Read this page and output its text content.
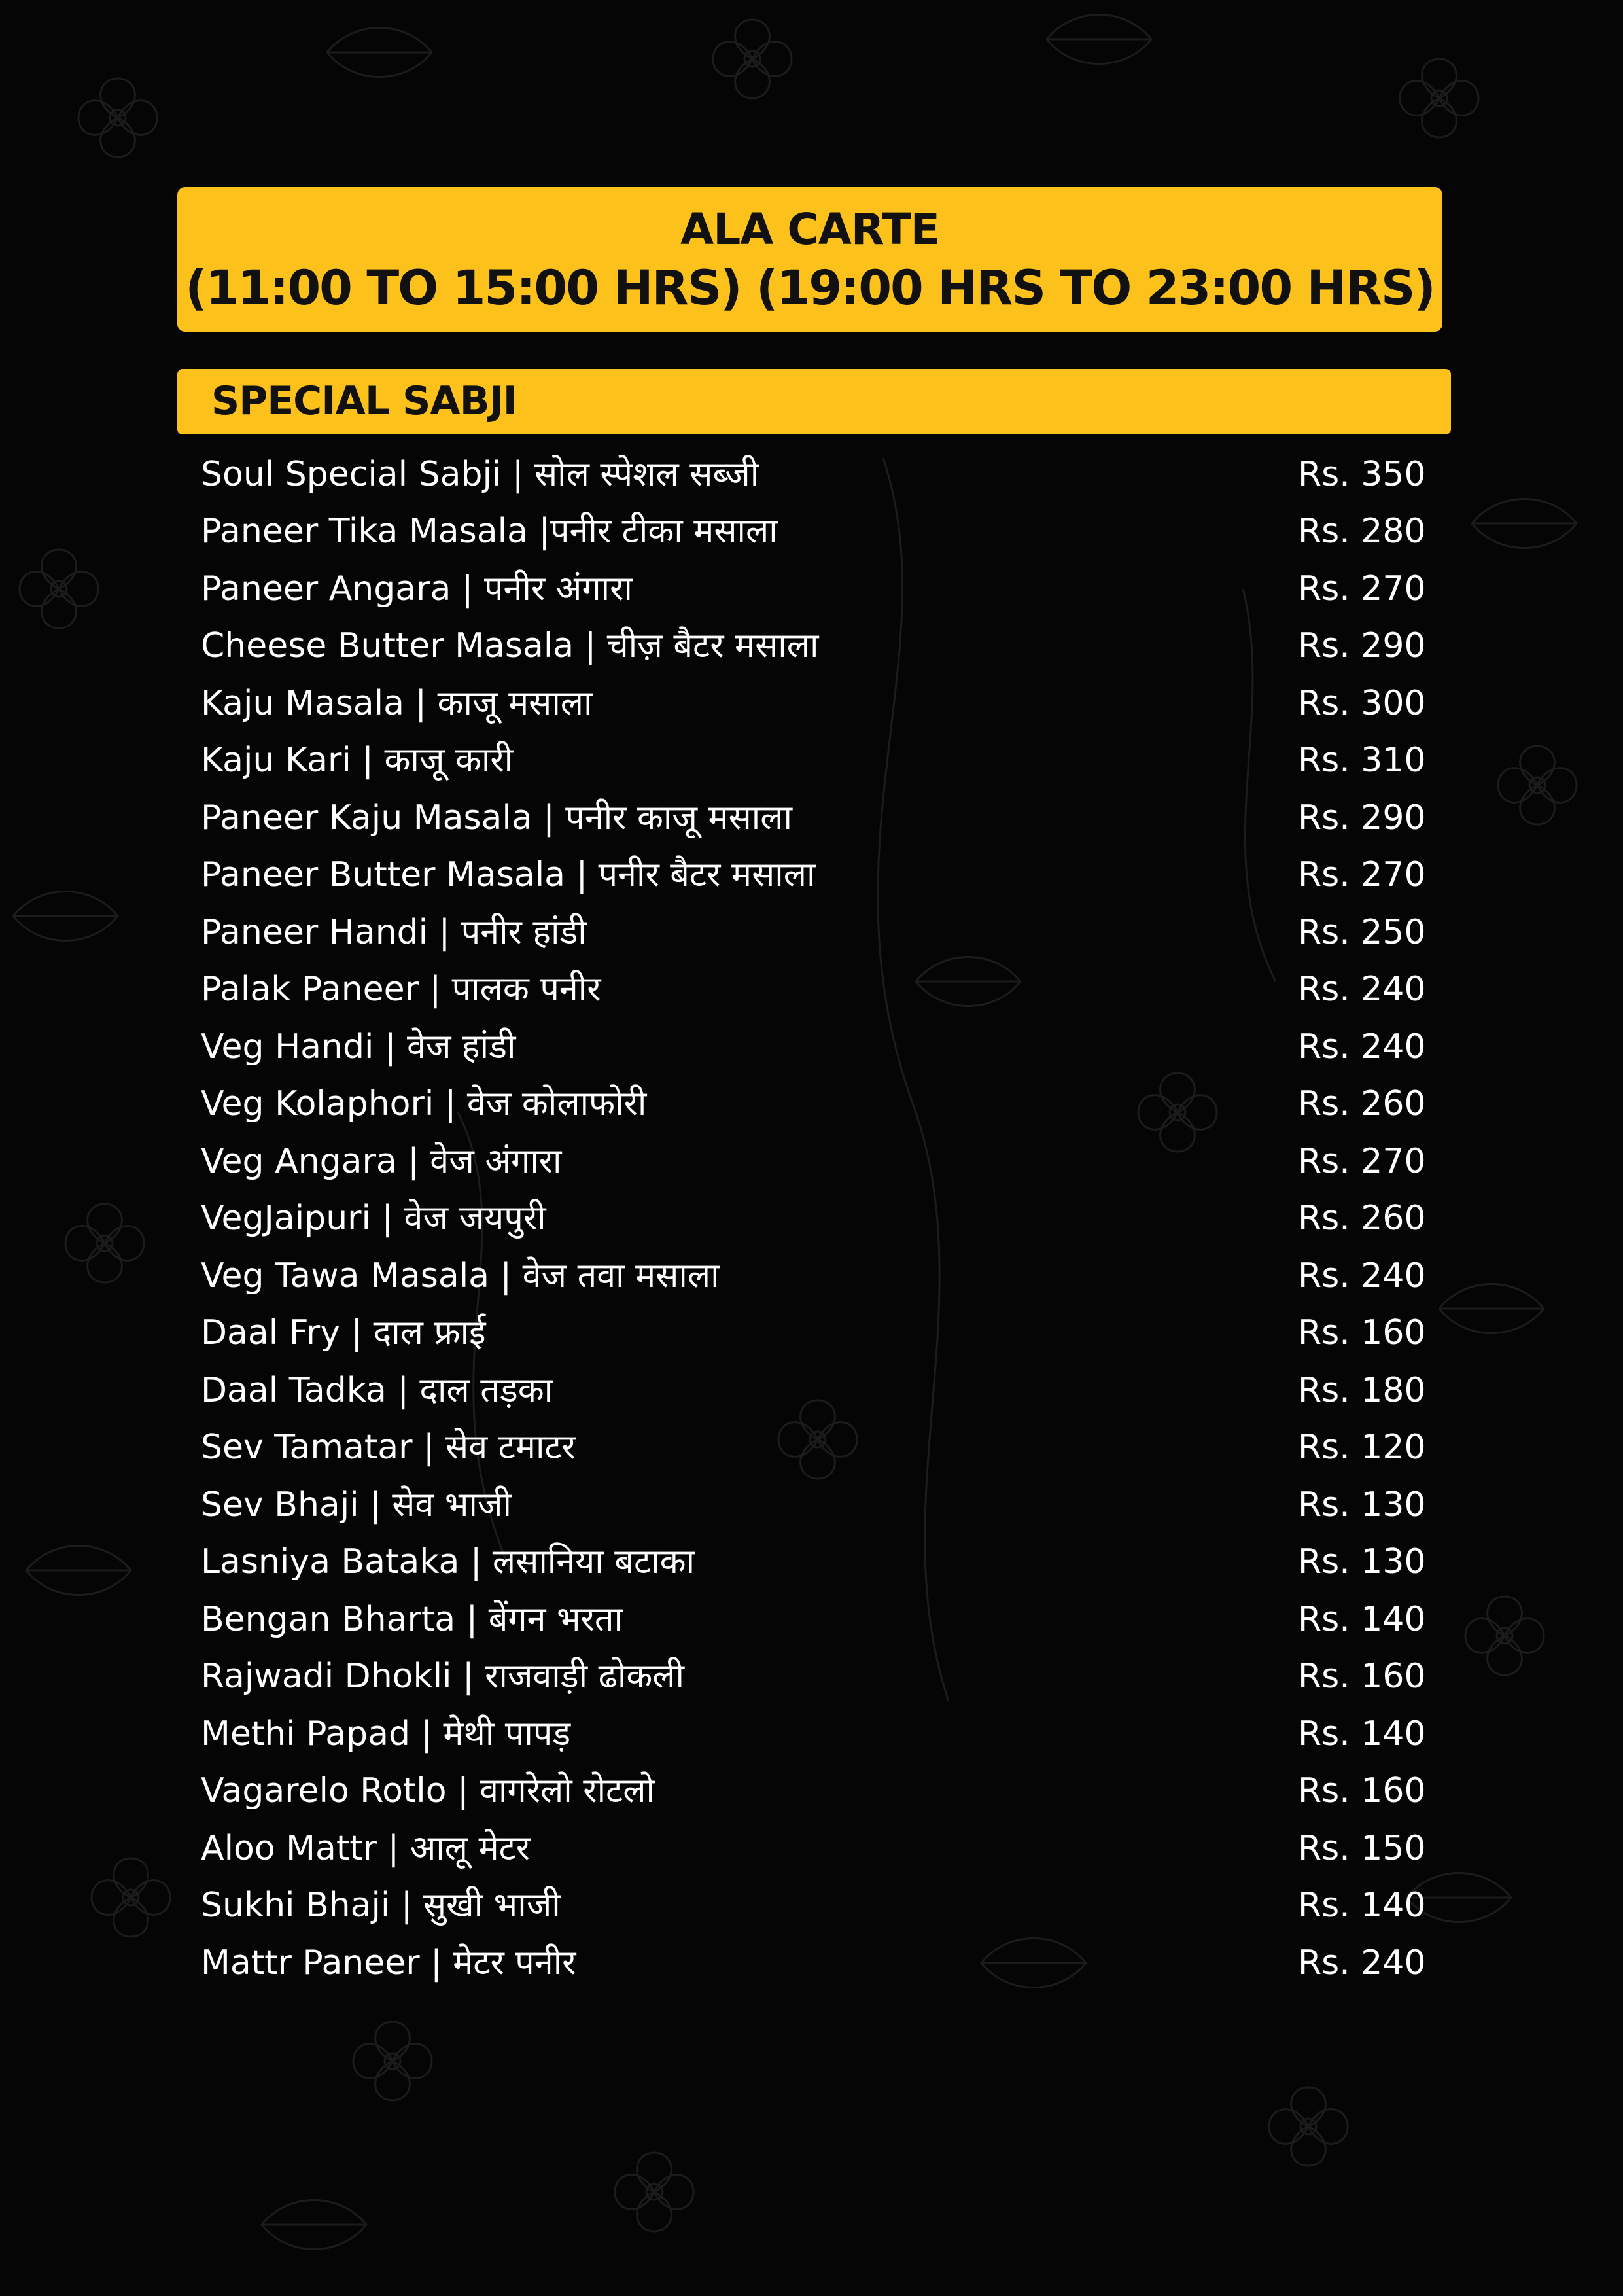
ALA CARTE
(11:00 TO 15:00 HRS) (19:00 HRS TO 23:00 HRS)
SPECIAL SABJI
Soul Special Sabji | सोल स्पेशल सब्जी	Rs. 350
Paneer Tika Masala |पनीर टीका मसाला	Rs. 280
Paneer Angara | पनीर अंगारा	Rs. 270
Cheese Butter Masala | चीज़ बैटर मसाला	Rs. 290
Kaju Masala | काजू मसाला	Rs. 300
Kaju Kari | काजू कारी	Rs. 310
Paneer Kaju Masala | पनीर काजू मसाला	Rs. 290
Paneer Butter Masala | पनीर बैटर मसाला	Rs. 270
Paneer Handi | पनीर हांडी	Rs. 250
Palak Paneer | पालक पनीर	Rs. 240
Veg Handi | वेज हांडी	Rs. 240
Veg Kolaphori | वेज कोलाफोरी	Rs. 260
Veg Angara | वेज अंगारा	Rs. 270
VegJaipuri | वेज जयपुरी	Rs. 260
Veg Tawa Masala | वेज तवा मसाला	Rs. 240
Daal Fry | दाल फ्राई	Rs. 160
Daal Tadka | दाल तड़का	Rs. 180
Sev Tamatar | सेव टमाटर	Rs. 120
Sev Bhaji | सेव भाजी	Rs. 130
Lasniya Bataka | लसानिया बटाका	Rs. 130
Bengan Bharta | बेंगन भरता	Rs. 140
Rajwadi Dhokli | राजवाड़ी ढोकली	Rs. 160
Methi Papad | मेथी पापड़	Rs. 140
Vagarelo Rotlo | वागरेलो रोटलो	Rs. 160
Aloo Mattr | आलू मेटर	Rs. 150
Sukhi Bhaji | सुखी भाजी	Rs. 140
Mattr Paneer | मेटर पनीर	Rs. 240
